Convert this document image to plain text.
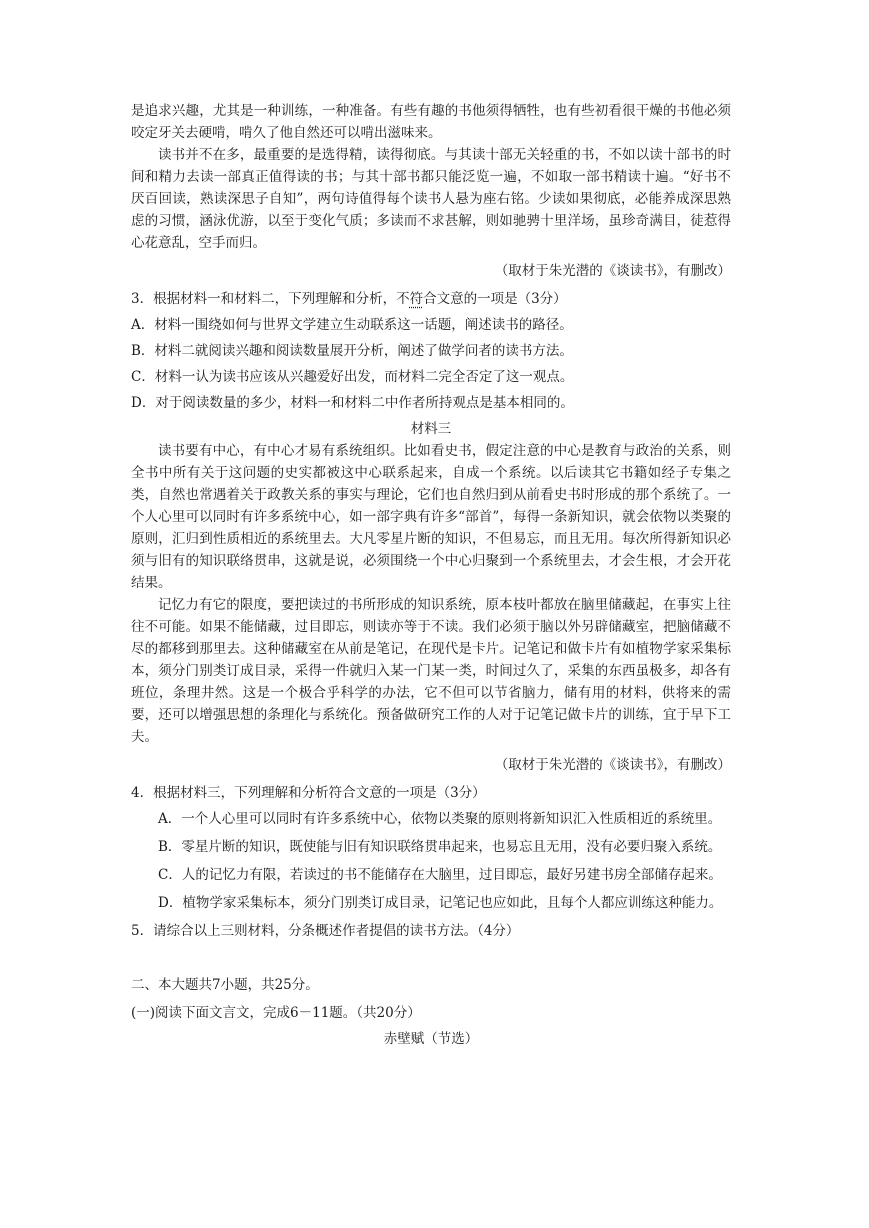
是追求兴趣，尤其是一种训练，一种准备。有些有趣的书他须得牺牲，也有些初看很干燥的书他必须咬定牙关去硬啃，啃久了他自然还可以啃出滋味来。

读书并不在多，最重要的是选得精，读得彻底。与其读十部无关轻重的书，不如以读十部书的时间和精力去读一部真正值得读的书；与其十部书都只能泛览一遍，不如取一部书精读十遍。“好书不厌百回读，熟读深思子自知”，两句诗值得每个读书人悬为座右铭。少读如果彻底，必能养成深思熟虑的习惯，涵泳优游，以至于变化气质；多读而不求甚解，则如驰骋十里洋场，虽珍奇满目，徒惹得心花意乱，空手而归。

（取材于朱光潜的《谈读书》，有删改）

3．根据材料一和材料二，下列理解和分析，不符合文意的一项是（3分）

A．材料一围绕如何与世界文学建立生动联系这一话题，阐述读书的路径。

B．材料二就阅读兴趣和阅读数量展开分析，阐述了做学问者的读书方法。

C．材料一认为读书应该从兴趣爱好出发，而材料二完全否定了这一观点。

D．对于阅读数量的多少，材料一和材料二中作者所持观点是基本相同的。

材料三

读书要有中心，有中心才易有系统组织。比如看史书，假定注意的中心是教育与政治的关系，则全书中所有关于这问题的史实都被这中心联系起来，自成一个系统。以后读其它书籍如经子专集之类，自然也常遇着关于政教关系的事实与理论，它们也自然归到从前看史书时形成的那个系统了。一个人心里可以同时有许多系统中心，如一部字典有许多“部首”，每得一条新知识，就会依物以类聚的原则，汇归到性质相近的系统里去。大凡零星片断的知识，不但易忘，而且无用。每次所得新知识必须与旧有的知识联络贯串，这就是说，必须围绕一个中心归聚到一个系统里去，才会生根，才会开花结果。

记忆力有它的限度，要把读过的书所形成的知识系统，原本枝叶都放在脑里储藏起，在事实上往往不可能。如果不能储藏，过目即忘，则读亦等于不读。我们必须于脑以外另辟储藏室，把脑储藏不尽的都移到那里去。这种储藏室在从前是笔记，在现代是卡片。记笔记和做卡片有如植物学家采集标本，须分门别类订成目录，采得一件就归入某一门某一类，时间过久了，采集的东西虽极多，却各有班位，条理井然。这是一个极合乎科学的办法，它不但可以节省脑力，储有用的材料，供将来的需要，还可以增强思想的条理化与系统化。预备做研究工作的人对于记笔记做卡片的训练，宜于早下工夫。

（取材于朱光潜的《谈读书》，有删改）

4．根据材料三，下列理解和分析符合文意的一项是（3分）

A．一个人心里可以同时有许多系统中心，依物以类聚的原则将新知识汇入性质相近的系统里。

B．零星片断的知识，既使能与旧有知识联络贯串起来，也易忘且无用，没有必要归聚入系统。

C．人的记忆力有限，若读过的书不能储存在大脑里，过目即忘，最好另建书房全部储存起来。

D．植物学家采集标本，须分门别类订成目录，记笔记也应如此，且每个人都应训练这种能力。

5．请综合以上三则材料，分条概述作者提倡的读书方法。（4分）

二、本大题共7小题，共25分。

(一)阅读下面文言文，完成6－11题。（共20分）

赤壁赋（节选）
